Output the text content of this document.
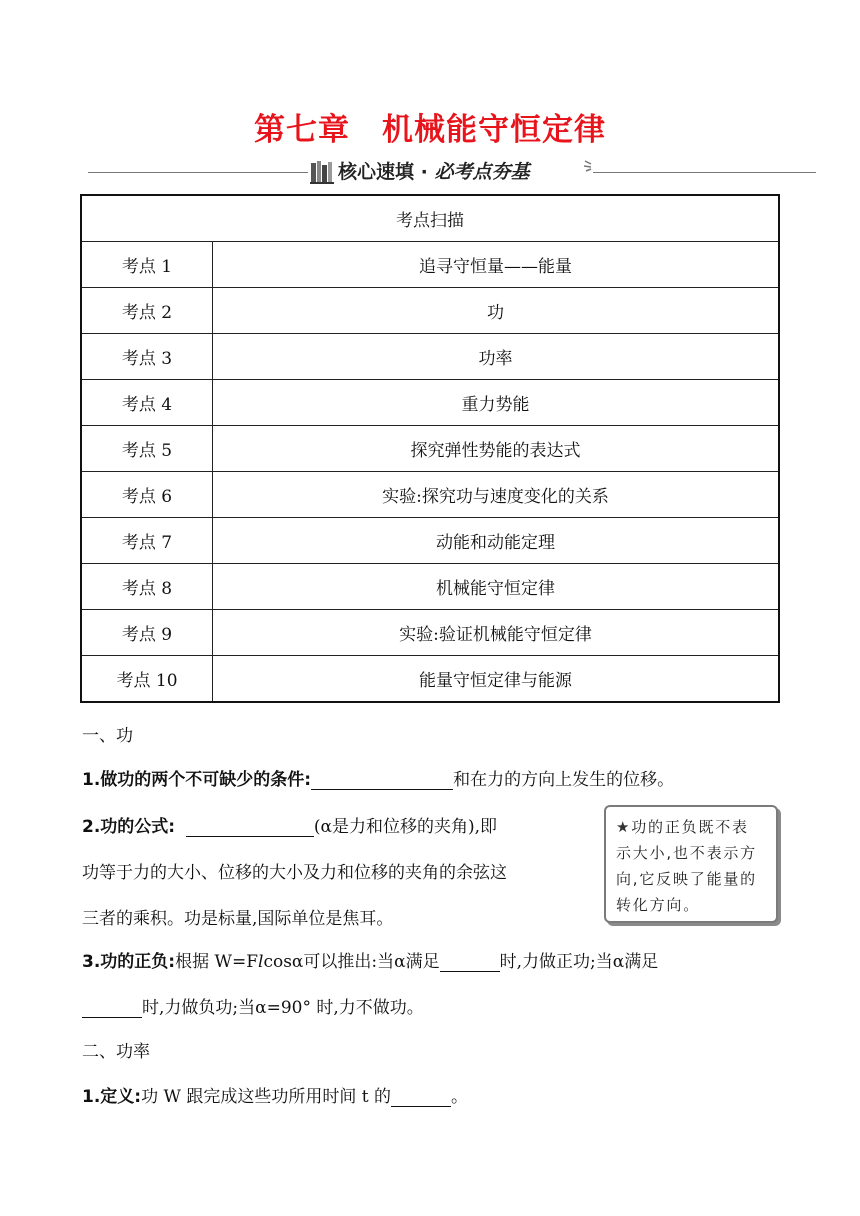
第七章　机械能守恒定律
核心速填 · 必考点夯基
考点扫描	
考点 1	追寻守恒量——能量
考点 2	功
考点 3	功率
考点 4	重力势能
考点 5	探究弹性势能的表达式
考点 6	实验:探究功与速度变化的关系
考点 7	动能和动能定理
考点 8	机械能守恒定律
考点 9	实验:验证机械能守恒定律
考点 10	能量守恒定律与能源
一、功
1.做功的两个不可缺少的条件:	和在力的方向上发生的位移。
2.功的公式:	(α是力和位移的夹角),即
功等于力的大小、位移的大小及力和位移的夹角的余弦这
三者的乘积。功是标量,国际单位是焦耳。
★功的正负既不表
示大小,也不表示方
向,它反映了能量的
转化方向。
3.功的正负:根据 W=Flcosα可以推出:当α满足	时,力做正功;当α满足
时,力做负功;当α=90° 时,力不做功。
二、功率
1.定义:功 W 跟完成这些功所用时间 t 的	。
